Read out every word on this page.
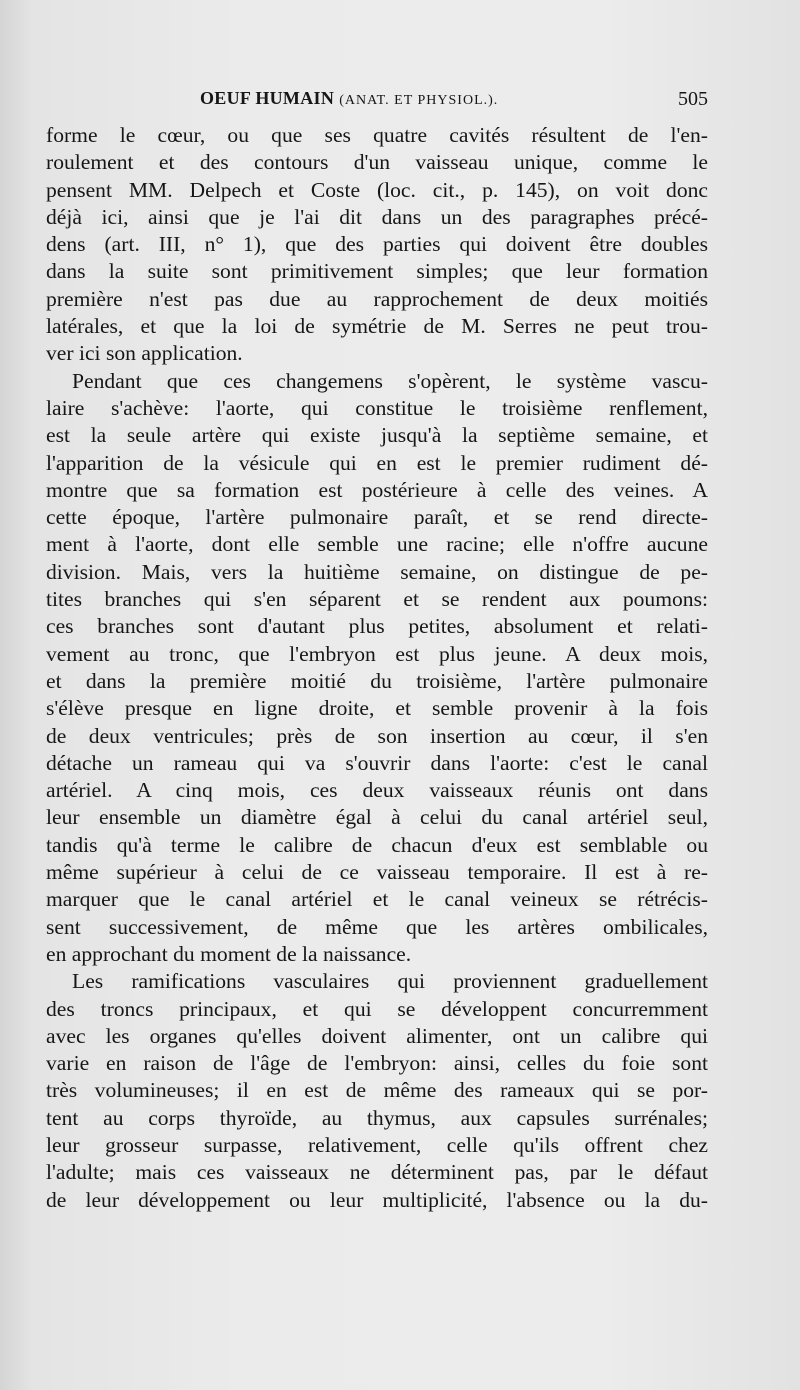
OEUF HUMAIN (ANAT. ET PHYSIOL.).	505
forme le cœur, ou que ses quatre cavités résultent de l'en-
roulement et des contours d'un vaisseau unique, comme le
pensent MM. Delpech et Coste (loc. cit., p. 145), on voit donc
déjà ici, ainsi que je l'ai dit dans un des paragraphes précé-
dens (art. III, n° 1), que des parties qui doivent être doubles
dans la suite sont primitivement simples; que leur formation
première n'est pas due au rapprochement de deux moitiés
latérales, et que la loi de symétrie de M. Serres ne peut trou-
ver ici son application.
Pendant que ces changemens s'opèrent, le système vascu-
laire s'achève: l'aorte, qui constitue le troisième renflement,
est la seule artère qui existe jusqu'à la septième semaine, et
l'apparition de la vésicule qui en est le premier rudiment dé-
montre que sa formation est postérieure à celle des veines. A
cette époque, l'artère pulmonaire paraît, et se rend directe-
ment à l'aorte, dont elle semble une racine; elle n'offre aucune
division. Mais, vers la huitième semaine, on distingue de pe-
tites branches qui s'en séparent et se rendent aux poumons:
ces branches sont d'autant plus petites, absolument et relati-
vement au tronc, que l'embryon est plus jeune. A deux mois,
et dans la première moitié du troisième, l'artère pulmonaire
s'élève presque en ligne droite, et semble provenir à la fois
de deux ventricules; près de son insertion au cœur, il s'en
détache un rameau qui va s'ouvrir dans l'aorte: c'est le canal
artériel. A cinq mois, ces deux vaisseaux réunis ont dans
leur ensemble un diamètre égal à celui du canal artériel seul,
tandis qu'à terme le calibre de chacun d'eux est semblable ou
même supérieur à celui de ce vaisseau temporaire. Il est à re-
marquer que le canal artériel et le canal veineux se rétrécis-
sent successivement, de même que les artères ombilicales,
en approchant du moment de la naissance.
Les ramifications vasculaires qui proviennent graduellement
des troncs principaux, et qui se développent concurremment
avec les organes qu'elles doivent alimenter, ont un calibre qui
varie en raison de l'âge de l'embryon: ainsi, celles du foie sont
très volumineuses; il en est de même des rameaux qui se por-
tent au corps thyroïde, au thymus, aux capsules surrénales;
leur grosseur surpasse, relativement, celle qu'ils offrent chez
l'adulte; mais ces vaisseaux ne déterminent pas, par le défaut
de leur développement ou leur multiplicité, l'absence ou la du-
